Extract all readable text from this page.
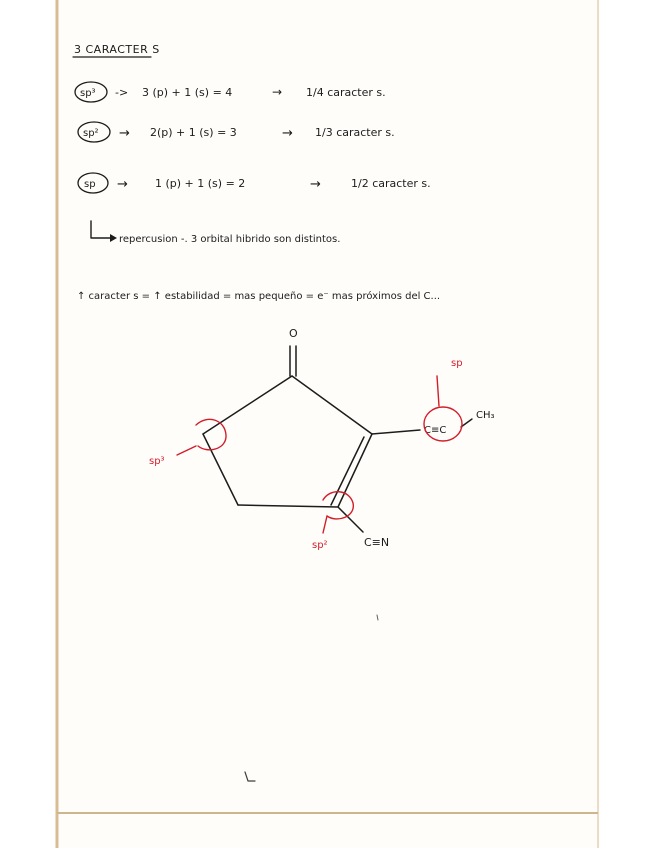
3 CARACTER S
sp³ -> 3 (p) + 1 (s) = 4	→ 1/4 caracter s.
sp² → 2(p) + 1 (s) = 3	→ 1/3 caracter s.
sp → 1 (p) + 1 (s) = 2	→	1/2 caracter s.
repercusion -. 3 orbital hibrido son distintos.
↑ caracter s = ↑ estabilidad = mas pequeño = e⁻ mas próximos del C...
O
C≡C
CH₃
C≡N
sp³
sp²
sp
